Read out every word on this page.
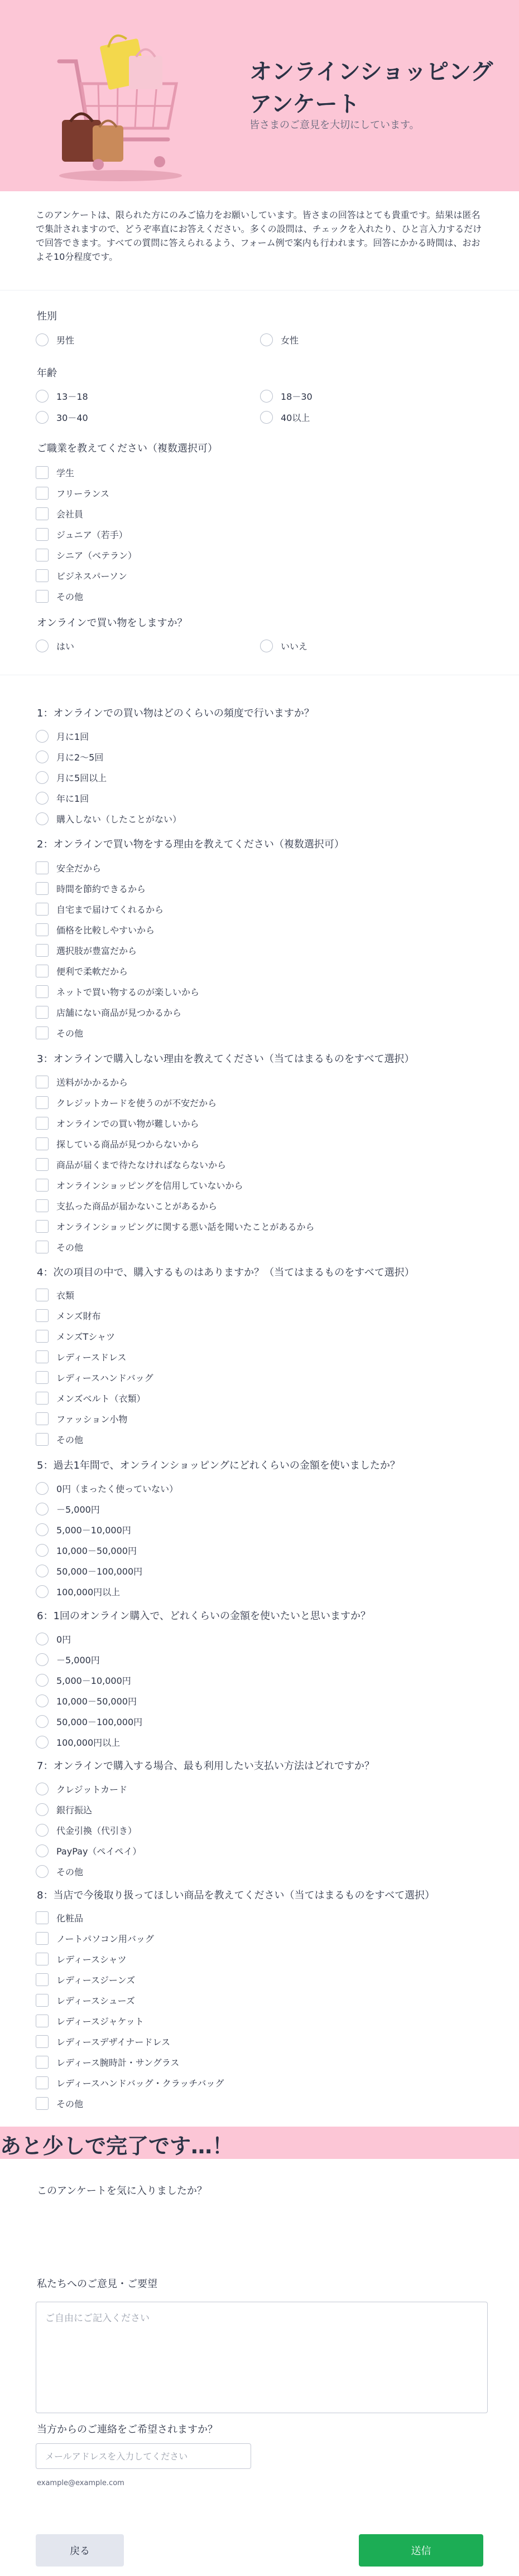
オンラインショッピング
アンケート
皆さまのご意見を大切にしています。

このアンケートは、限られた方にのみご協力をお願いしています。皆さまの回答はとても貴重です。結果は匿名で集計されますので、どうぞ率直にお答えください。多くの設問は、チェックを入れたり、ひと言入力するだけで回答できます。すべての質問に答えられるよう、フォーム例で案内も行われます。回答にかかる時間は、おおよそ10分程度です。

性別
男性	女性
年齢
13－18	18－30
30－40	40以上
ご職業を教えてください（複数選択可）
学生
フリーランス
会社員
ジュニア（若手）
シニア（ベテラン）
ビジネスパーソン
その他
オンラインで買い物をしますか？
はい	いいえ
1：オンラインでの買い物はどのくらいの頻度で行いますか？
月に1回
月に2～5回
月に5回以上
年に1回
購入しない（したことがない）
2：オンラインで買い物をする理由を教えてください（複数選択可）
安全だから
時間を節約できるから
自宅まで届けてくれるから
価格を比較しやすいから
選択肢が豊富だから
便利で柔軟だから
ネットで買い物するのが楽しいから
店舗にない商品が見つかるから
その他
3：オンラインで購入しない理由を教えてください（当てはまるものをすべて選択）
送料がかかるから
クレジットカードを使うのが不安だから
オンラインでの買い物が難しいから
探している商品が見つからないから
商品が届くまで待たなければならないから
オンラインショッピングを信用していないから
支払った商品が届かないことがあるから
オンラインショッピングに関する悪い話を聞いたことがあるから
その他
4：次の項目の中で、購入するものはありますか？（当てはまるものをすべて選択）
衣類
メンズ財布
メンズTシャツ
レディースドレス
レディースハンドバッグ
メンズベルト（衣類）
ファッション小物
その他
5：過去1年間で、オンラインショッピングにどれくらいの金額を使いましたか？
0円（まったく使っていない）
－5,000円
5,000－10,000円
10,000－50,000円
50,000－100,000円
100,000円以上
6：1回のオンライン購入で、どれくらいの金額を使いたいと思いますか？
0円
－5,000円
5,000－10,000円
10,000－50,000円
50,000－100,000円
100,000円以上
7：オンラインで購入する場合、最も利用したい支払い方法はどれですか？
クレジットカード
銀行振込
代金引換（代引き）
PayPay（ペイペイ）
その他
8：当店で今後取り扱ってほしい商品を教えてください（当てはまるものをすべて選択）
化粧品
ノートパソコン用バッグ
レディースシャツ
レディースジーンズ
レディースシューズ
レディースジャケット
レディースデザイナードレス
レディース腕時計・サングラス
レディースハンドバッグ・クラッチバッグ
その他
あと少しで完了です…！
このアンケートを気に入りましたか？
私たちへのご意見・ご要望
ご自由にご記入ください
当方からのご連絡をご希望されますか？
メールアドレスを入力してください
example@example.com
戻る	送信
